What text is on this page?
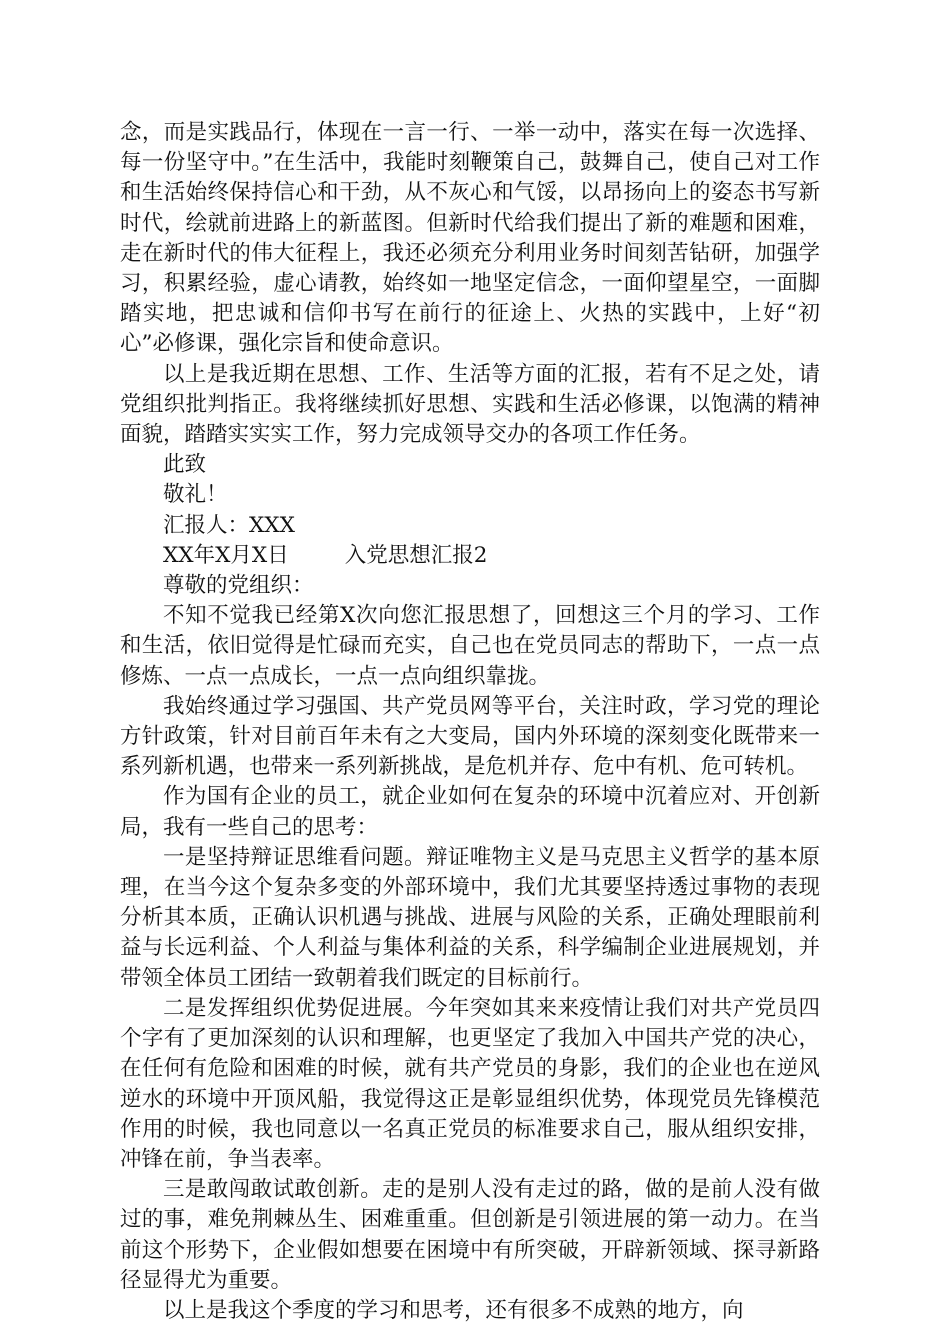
念，而是实践品行，体现在一言一行、一举一动中，落实在每一次选择、每一份坚守中。”在生活中，我能时刻鞭策自己，鼓舞自己，使自己对工作和生活始终保持信心和干劲，从不灰心和气馁，以昂扬向上的姿态书写新时代，绘就前进路上的新蓝图。但新时代给我们提出了新的难题和困难，走在新时代的伟大征程上，我还必须充分利用业务时间刻苦钻研，加强学习，积累经验，虚心请教，始终如一地坚定信念，一面仰望星空，一面脚踏实地，把忠诚和信仰书写在前行的征途上、火热的实践中，上好“初心”必修课，强化宗旨和使命意识。

以上是我近期在思想、工作、生活等方面的汇报，若有不足之处，请党组织批判指正。我将继续抓好思想、实践和生活必修课，以饱满的精神面貌，踏踏实实实工作，努力完成领导交办的各项工作任务。

此致

敬礼！

汇报人：XXX

XX年X月X日	入党思想汇报2

尊敬的党组织：

不知不觉我已经第X次向您汇报思想了，回想这三个月的学习、工作和生活，依旧觉得是忙碌而充实，自己也在党员同志的帮助下，一点一点修炼、一点一点成长，一点一点向组织靠拢。

我始终通过学习强国、共产党员网等平台，关注时政，学习党的理论方针政策，针对目前百年未有之大变局，国内外环境的深刻变化既带来一系列新机遇，也带来一系列新挑战，是危机并存、危中有机、危可转机。

作为国有企业的员工，就企业如何在复杂的环境中沉着应对、开创新局，我有一些自己的思考：

一是坚持辩证思维看问题。辩证唯物主义是马克思主义哲学的基本原理，在当今这个复杂多变的外部环境中，我们尤其要坚持透过事物的表现分析其本质，正确认识机遇与挑战、进展与风险的关系，正确处理眼前利益与长远利益、个人利益与集体利益的关系，科学编制企业进展规划，并带领全体员工团结一致朝着我们既定的目标前行。

二是发挥组织优势促进展。今年突如其来来疫情让我们对共产党员四个字有了更加深刻的认识和理解，也更坚定了我加入中国共产党的决心，在任何有危险和困难的时候，就有共产党员的身影，我们的企业也在逆风逆水的环境中开顶风船，我觉得这正是彰显组织优势，体现党员先锋模范作用的时候，我也同意以一名真正党员的标准要求自己，服从组织安排，冲锋在前，争当表率。

三是敢闯敢试敢创新。走的是别人没有走过的路，做的是前人没有做过的事，难免荆棘丛生、困难重重。但创新是引领进展的第一动力。在当前这个形势下，企业假如想要在困境中有所突破，开辟新领域、探寻新路径显得尤为重要。

以上是我这个季度的学习和思考，还有很多不成熟的地方，向
